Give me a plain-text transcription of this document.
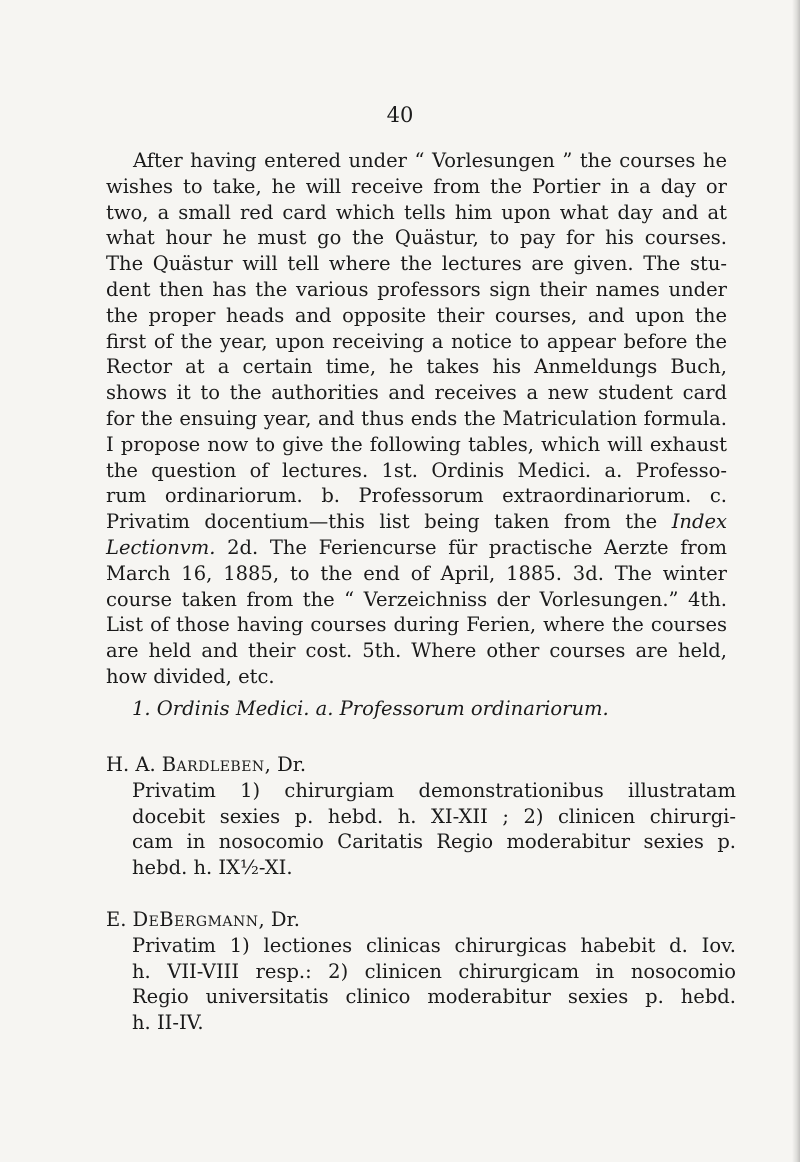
40

After having entered under “ Vorlesungen ” the courses he
wishes to take, he will receive from the Portier in a day or
two, a small red card which tells him upon what day and at
what hour he must go the Quästur, to pay for his courses.
The Quästur will tell where the lectures are given. The stu-
dent then has the various professors sign their names under
the proper heads and opposite their courses, and upon the
first of the year, upon receiving a notice to appear before the
Rector at a certain time, he takes his Anmeldungs Buch,
shows it to the authorities and receives a new student card
for the ensuing year, and thus ends the Matriculation formula.
I propose now to give the following tables, which will exhaust
the question of lectures. 1st. Ordinis Medici. a. Professo-
rum ordinariorum. b. Professorum extraordinariorum. c.
Privatim docentium—this list being taken from the Index
Lectionvm. 2d. The Feriencurse für practische Aerzte from
March 16, 1885, to the end of April, 1885. 3d. The winter
course taken from the “ Verzeichniss der Vorlesungen.” 4th.
List of those having courses during Ferien, where the courses
are held and their cost. 5th. Where other courses are held,
how divided, etc.

1. Ordinis Medici. a. Professorum ordinariorum.

H. A. Bardleben, Dr.
Privatim 1) chirurgiam demonstrationibus illustratam
docebit sexies p. hebd. h. XI-XII ; 2) clinicen chirurgi-
cam in nosocomio Caritatis Regio moderabitur sexies p.
hebd. h. IX½-XI.
E. DeBergmann, Dr.
Privatim 1) lectiones clinicas chirurgicas habebit d. Iov.
h. VII-VIII resp.: 2) clinicen chirurgicam in nosocomio
Regio universitatis clinico moderabitur sexies p. hebd.
h. II-IV.
